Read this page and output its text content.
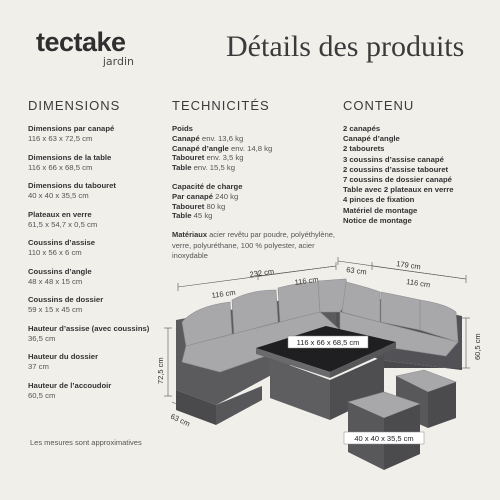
tectake
jardin	Détails des produits
DIMENSIONS
Dimensions par canapé
116 x 63 x 72,5 cm
Dimensions de la table
116 x 66 x 68,5 cm
Dimensions du tabouret
40 x 40 x 35,5 cm
Plateaux en verre
61,5 x 54,7 x 0,5 cm
Coussins d’assise
110 x 56 x 6 cm
Coussins d’angle
48 x 48 x 15 cm
Coussins de dossier
59 x 15 x 45 cm
Hauteur d’assise (avec coussins)
36,5 cm
Hauteur du dossier
37 cm
Hauteur de l’accoudoir
60,5 cm
TECHNICITÉS
Poids
Canapé env. 13,6 kg
Canapé d’angle env. 14,8 kg
Tabouret env. 3,5 kg
Table env. 15,5 kg
Capacité de charge
Par canapé 240 kg
Tabouret 80 kg
Table 45 kg
Matériaux acier revêtu par poudre, polyéthylène, verre, polyuréthane, 100 % polyester, acier inoxydable
CONTENU
2 canapés
Canapé d’angle
2 tabourets
3 coussins d’assise canapé
2 coussins d’assise tabouret
7 coussins de dossier canapé
Table avec 2 plateaux en verre
4 pinces de fixation
Matériel de montage
Notice de montage
232 cm
116 cm
116 cm
63 cm	179 cm
116 cm
72,5 cm
60,5 cm
63 cm
116 x 66 x 68,5 cm
40 x 40 x 35,5 cm
Les mesures sont approximatives
